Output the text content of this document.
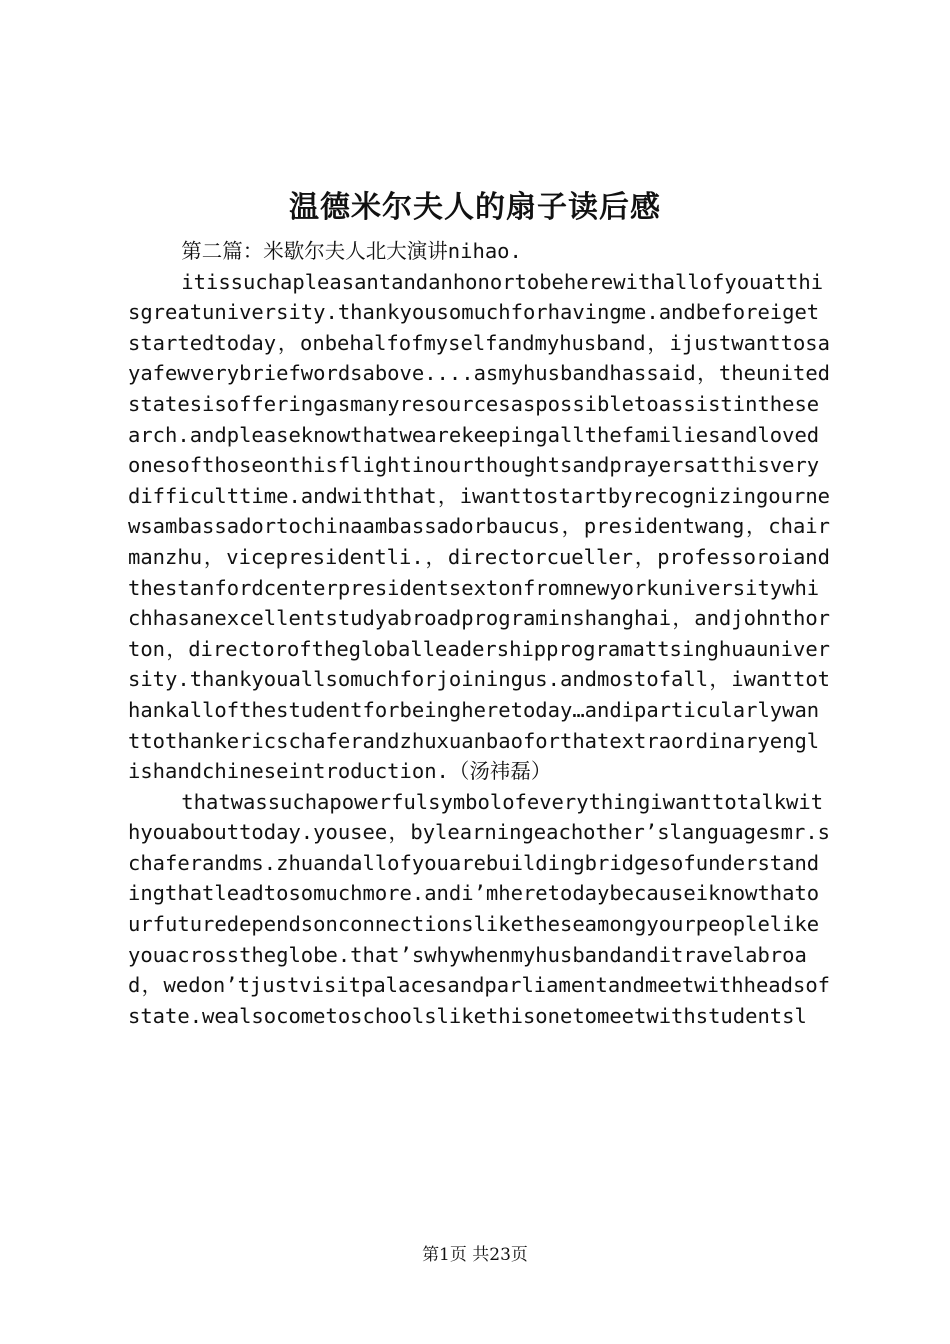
温德米尔夫人的扇子读后感

第二篇：米歇尔夫人北大演讲nihao.

itissuchapleasantandanhonortobeherewithallofyouatthisgreatuniversity.thankyousomuchforhavingme.andbeforeigetstartedtoday，onbehalfofmyselfandmyhusband，ijustwanttosayafewverybriefwordsabove....asmyhusbandhassaid，theunitedstatesisofferingasmanyresourcesaspossibletoassistinthesearch.andpleaseknowthatwearekeepingallthefamiliesandlovedonesofthoseonthisflightinourthoughtsandprayersatthisverydifficulttime.andwiththat，iwanttostartbyrecognizingournewsambassadortochinaambassadorbaucus，presidentwang，chairmanzhu，vicepresidentli.，directorcueller，professoroiandthestanfordcenterpresidentsextonfromnewyorkuniversitywhichhasanexcellentstudyabroadprograminshanghai，andjohnthorton，directorofthegloballeadershipprogramattsinghuauniversity.thankyouallsomuchforjoiningus.andmostofall，iwanttothankallofthestudentforbeingheretoday…andiparticularlywanttothankericschaferandzhuxuanbaoforthatextraordinaryenglishandchineseintroduction.（汤祎磊）

thatwassuchapowerfulsymbolofeverythingiwanttotalkwithyouabouttoday.yousee，bylearningeachother’slanguagesmr.schaferandms.zhuandallofyouarebuildingbridgesofunderstandingthatleadtosomuchmore.andi’mheretodaybecauseiknowthatourfuturedependsonconnectionsliketheseamongyourpeoplelikeyouacrosstheglobe.that’swhywhenmyhusbandanditravelabroad，wedon’tjustvisitpalacesandparliamentandmeetwithheadsofstate.wealsocometoschoolslikethisonetomeetwithstudentsl

第1页 共23页
